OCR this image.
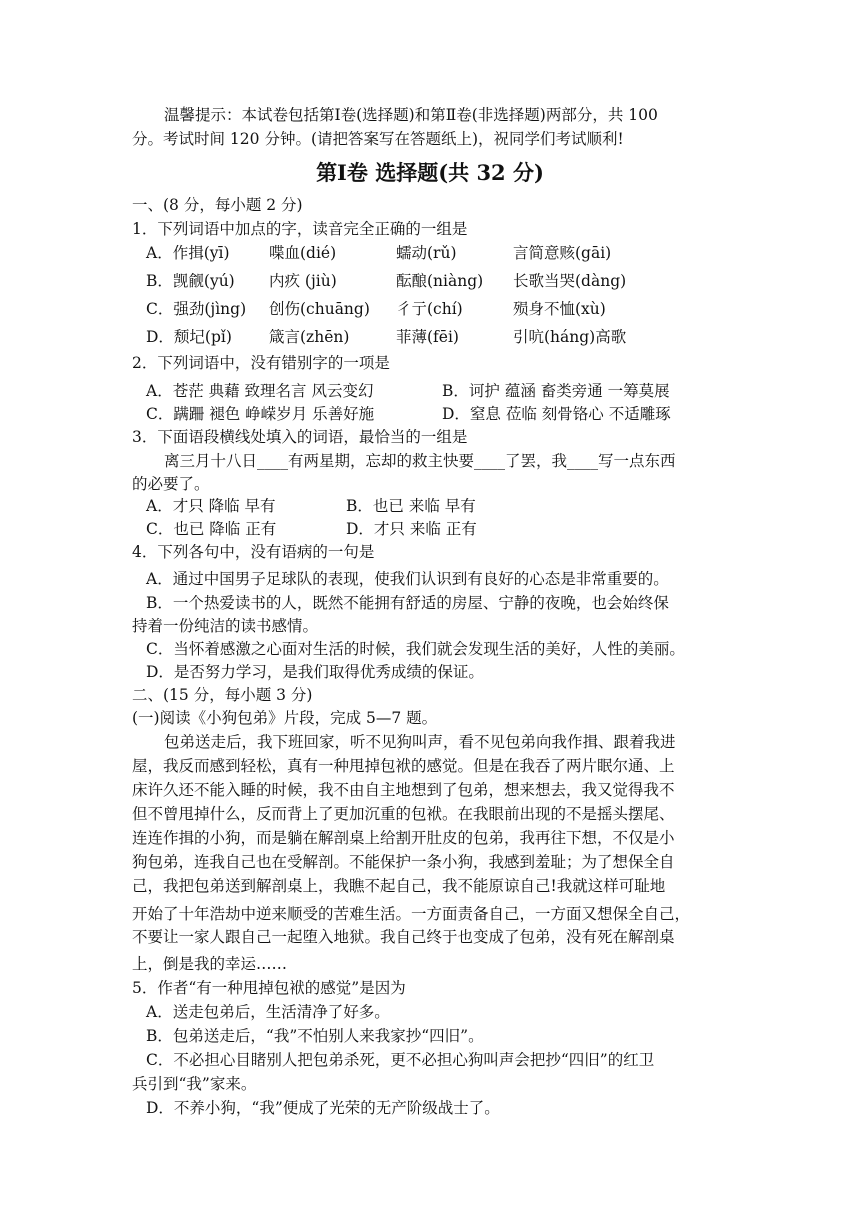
温馨提示：本试卷包括第Ⅰ卷(选择题)和第Ⅱ卷(非选择题)两部分，共 100
分。考试时间 120 分钟。(请把答案写在答题纸上)，祝同学们考试顺利!
第Ⅰ卷 选择题(共 32 分)
一、(8 分，每小题 2 分)
1．下列词语中加点的字，读音完全正确的一组是
A．作揖(yī)	喋血(dié)	蠕动(rǔ)	言简意赅(gāi)
B．觊觎(yú) 内疚 (jiù)	酝酿(niàng) 长歌当哭(dàng)
C．强劲(jìng) 创伤(chuāng) 彳亍(chí)	殒身不恤(xù)
D．颓圮(pǐ) 箴言(zhēn)	菲薄(fēi)	引吭(háng)高歌
2．下列词语中，没有错别字的一项是
A．苍茫 典藉 致理名言 风云变幻	B．诃护 蕴涵 畜类旁通 一筹莫展
C．蹒跚 褪色 峥嵘岁月 乐善好施	D．窒息 莅临 刻骨铬心 不适雕琢
3．下面语段横线处填入的词语，最恰当的一组是
离三月十八日____有两星期，忘却的救主快要____了罢，我____写一点东西
的必要了。
A．才只 降临 早有	B．也已 来临 早有
C．也已 降临 正有	D．才只 来临 正有
4．下列各句中，没有语病的一句是
A．通过中国男子足球队的表现，使我们认识到有良好的心态是非常重要的。
B．一个热爱读书的人，既然不能拥有舒适的房屋、宁静的夜晚，也会始终保
持着一份纯洁的读书感情。
C．当怀着感激之心面对生活的时候，我们就会发现生活的美好，人性的美丽。
D．是否努力学习，是我们取得优秀成绩的保证。
二、(15 分，每小题 3 分)
(一)阅读《小狗包弟》片段，完成 5—7 题。
包弟送走后，我下班回家，听不见狗叫声，看不见包弟向我作揖、跟着我进
屋，我反而感到轻松，真有一种甩掉包袱的感觉。但是在我吞了两片眠尔通、上
床许久还不能入睡的时候，我不由自主地想到了包弟，想来想去，我又觉得我不
但不曾甩掉什么，反而背上了更加沉重的包袱。在我眼前出现的不是摇头摆尾、
连连作揖的小狗，而是躺在解剖桌上给割开肚皮的包弟，我再往下想，不仅是小
狗包弟，连我自己也在受解剖。不能保护一条小狗，我感到羞耻；为了想保全自
己，我把包弟送到解剖桌上，我瞧不起自己，我不能原谅自己!我就这样可耻地
开始了十年浩劫中逆来顺受的苦难生活。一方面责备自己，一方面又想保全自己，
不要让一家人跟自己一起堕入地狱。我自己终于也变成了包弟，没有死在解剖桌
上，倒是我的幸运……
5．作者“有一种甩掉包袱的感觉”是因为
A．送走包弟后，生活清净了好多。
B．包弟送走后，“我”不怕别人来我家抄“四旧”。
C．不必担心目睹别人把包弟杀死，更不必担心狗叫声会把抄“四旧”的红卫
兵引到“我”家来。
D．不养小狗，“我”便成了光荣的无产阶级战士了。
